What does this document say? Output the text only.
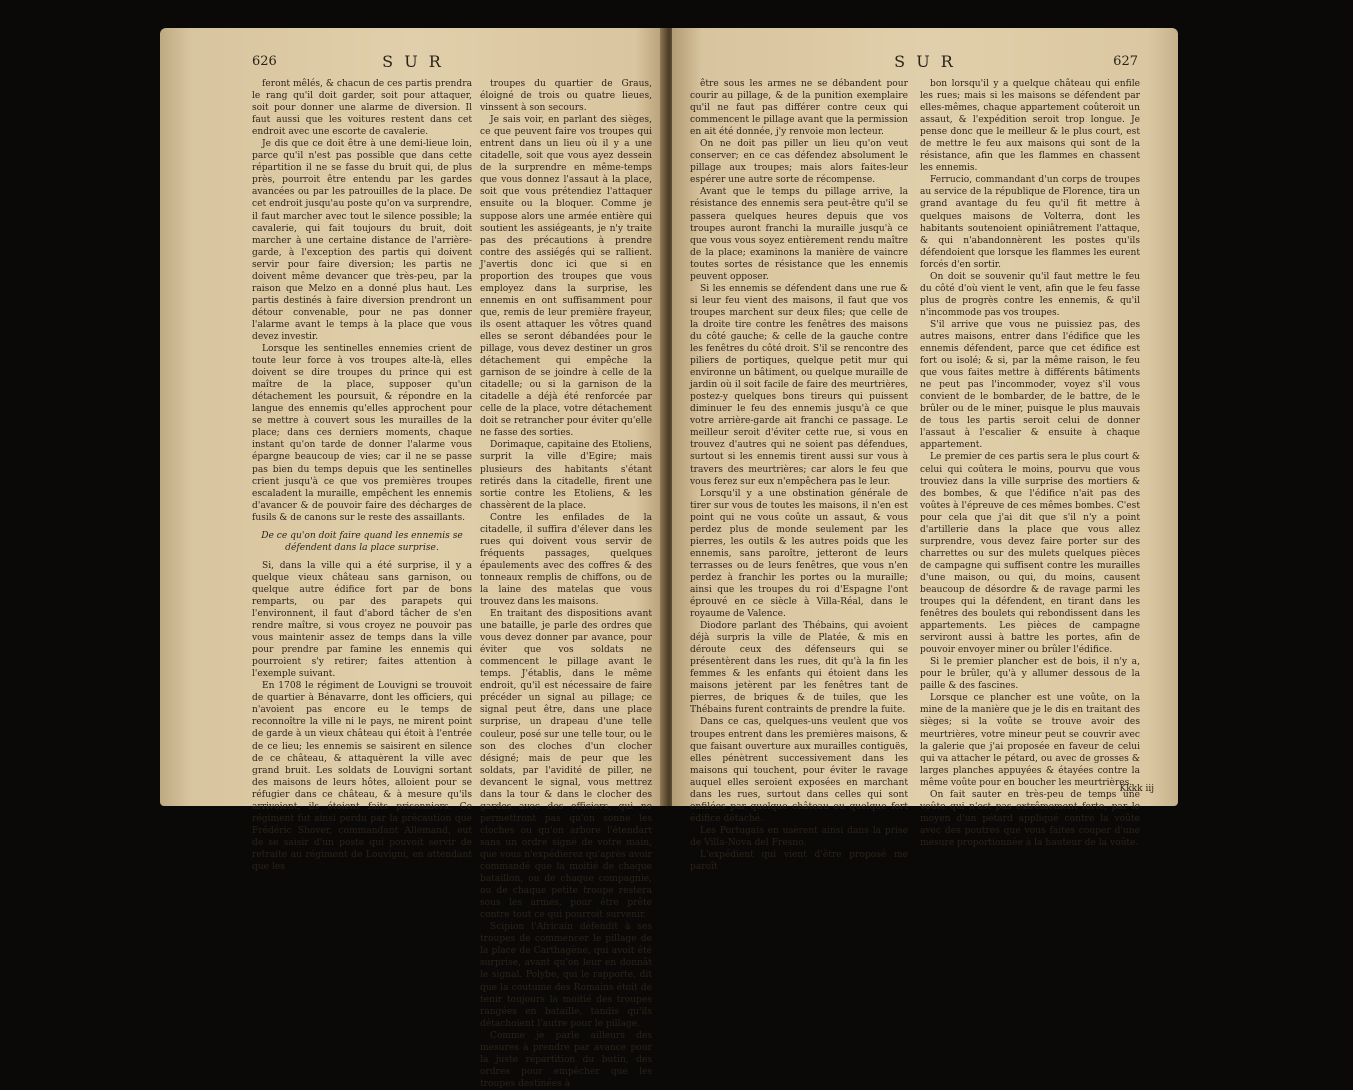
626	S U R

feront mêlés, & chacun de ces partis prendra le rang qu'il doit garder, soit pour attaquer, soit pour donner une alarme de diversion. Il faut aussi que les voitures restent dans cet endroit avec une escorte de cavalerie.

Je dis que ce doit être à une demi-lieue loin, parce qu'il n'est pas possible que dans cette répartition il ne se fasse du bruit qui, de plus près, pourroit être entendu par les gardes avancées ou par les patrouilles de la place. De cet endroit jusqu'au poste qu'on va surprendre, il faut marcher avec tout le silence possible; la cavalerie, qui fait toujours du bruit, doit marcher à une certaine distance de l'arrière-garde, à l'exception des partis qui doivent servir pour faire diversion; les partis ne doivent même devancer que très-peu, par la raison que Melzo en a donné plus haut. Les partis destinés à faire diversion prendront un détour convenable, pour ne pas donner l'alarme avant le temps à la place que vous devez investir.

Lorsque les sentinelles ennemies crient de toute leur force à vos troupes alte-là, elles doivent se dire troupes du prince qui est maître de la place, supposer qu'un détachement les poursuit, & répondre en la langue des ennemis qu'elles approchent pour se mettre à couvert sous les murailles de la place; dans ces derniers moments, chaque instant qu'on tarde de donner l'alarme vous épargne beaucoup de vies; car il ne se passe pas bien du temps depuis que les sentinelles crient jusqu'à ce que vos premières troupes escaladent la muraille, empêchent les ennemis d'avancer & de pouvoir faire des décharges de fusils & de canons sur le reste des assaillants.

De ce qu'on doit faire quand les ennemis se défendent dans la place surprise.

Si, dans la ville qui a été surprise, il y a quelque vieux château sans garnison, ou quelque autre édifice fort par de bons remparts, ou par des parapets qui l'environnent, il faut d'abord tâcher de s'en rendre maître, si vous croyez ne pouvoir pas vous maintenir assez de temps dans la ville pour prendre par famine les ennemis qui pourroient s'y retirer; faites attention à l'exemple suivant.

En 1708 le régiment de Louvigni se trouvoit de quartier à Bénavarre, dont les officiers, qui n'avoient pas encore eu le temps de reconnoître la ville ni le pays, ne mirent point de garde à un vieux château qui étoit à l'entrée de ce lieu; les ennemis se saisirent en silence de ce château, & attaquèrent la ville avec grand bruit. Les soldats de Louvigni sortant des maisons de leurs hôtes, alloient pour se réfugier dans ce château, & à mesure qu'ils arrivoient, ils étoient faits prisonniers. Ce régiment fut ainsi perdu par la précaution que Frédéric Shover, commandant Allemand, eut de se saisir d'un poste qui pouvoit servir de retraite au régiment de Louvigni, en attendant que les

troupes du quartier de Graus, éloigné de trois ou quatre lieues, vinssent à son secours.

Je sais voir, en parlant des sièges, ce que peuvent faire vos troupes qui entrent dans un lieu où il y a une citadelle, soit que vous ayez dessein de la surprendre en même-temps que vous donnez l'assaut à la place, soit que vous prétendiez l'attaquer ensuite ou la bloquer. Comme je suppose alors une armée entière qui soutient les assiégeants, je n'y traite pas des précautions à prendre contre des assiégés qui se rallient. J'avertis donc ici que si en proportion des troupes que vous employez dans la surprise, les ennemis en ont suffisamment pour que, remis de leur première frayeur, ils osent attaquer les vôtres quand elles se seront débandées pour le pillage, vous devez destiner un gros détachement qui empêche la garnison de se joindre à celle de la citadelle; ou si la garnison de la citadelle a déjà été renforcée par celle de la place, votre détachement doit se retrancher pour éviter qu'elle ne fasse des sorties.

Dorimaque, capitaine des Etoliens, surprit la ville d'Egire; mais plusieurs des habitants s'étant retirés dans la citadelle, firent une sortie contre les Etoliens, & les chassèrent de la place.

Contre les enfilades de la citadelle, il suffira d'élever dans les rues qui doivent vous servir de fréquents passages, quelques épaulements avec des coffres & des tonneaux remplis de chiffons, ou de la laine des matelas que vous trouvez dans les maisons.

En traitant des dispositions avant une bataille, je parle des ordres que vous devez donner par avance, pour éviter que vos soldats ne commencent le pillage avant le temps. J'établis, dans le même endroit, qu'il est nécessaire de faire précéder un signal au pillage; ce signal peut être, dans une place surprise, un drapeau d'une telle couleur, posé sur une telle tour, ou le son des cloches d'un clocher désigné; mais de peur que les soldats, par l'avidité de piller, ne devancent le signal, vous mettrez dans la tour & dans le clocher des gardes avec des officiers, qui ne permettront pas qu'on sonne les cloches ou qu'on arbore l'étendart sans un ordre signé de votre main, que vous n'expédierez qu'après avoir commandé que la moitié de chaque bataillon, ou de chaque compagnie, ou de chaque petite troupe restera sous les armes, pour être prête contre tout ce qui pourroit survenir.

Scipion l'Africain défendit à ses troupes de commencer le pillage de la place de Carthagène, qui avoit été surprise, avant qu'on leur en donnât le signal. Polybe, qui le rapporte, dit que la coutume des Romains étoit de tenir toujours la moitié des troupes rangées en bataille, tandis qu'ils détachoient l'autre pour le pillage.

Comme je parle ailleurs des mesures à prendre par avance pour la juste répartition du butin, des ordres pour empêcher que les troupes destinées à

S U R	627

être sous les armes ne se débandent pour courir au pillage, & de la punition exemplaire qu'il ne faut pas différer contre ceux qui commencent le pillage avant que la permission en ait été donnée, j'y renvoie mon lecteur.

On ne doit pas piller un lieu qu'on veut conserver; en ce cas défendez absolument le pillage aux troupes; mais alors faites-leur espérer une autre sorte de récompense.

Avant que le temps du pillage arrive, la résistance des ennemis sera peut-être qu'il se passera quelques heures depuis que vos troupes auront franchi la muraille jusqu'à ce que vous vous soyez entièrement rendu maître de la place; examinons la manière de vaincre toutes sortes de résistance que les ennemis peuvent opposer.

Si les ennemis se défendent dans une rue & si leur feu vient des maisons, il faut que vos troupes marchent sur deux files; que celle de la droite tire contre les fenêtres des maisons du côté gauche; & celle de la gauche contre les fenêtres du côté droit. S'il se rencontre des piliers de portiques, quelque petit mur qui environne un bâtiment, ou quelque muraille de jardin où il soit facile de faire des meurtrières, postez-y quelques bons tireurs qui puissent diminuer le feu des ennemis jusqu'à ce que votre arrière-garde ait franchi ce passage. Le meilleur seroit d'éviter cette rue, si vous en trouvez d'autres qui ne soient pas défendues, surtout si les ennemis tirent aussi sur vous à travers des meurtrières; car alors le feu que vous ferez sur eux n'empêchera pas le leur.

Lorsqu'il y a une obstination générale de tirer sur vous de toutes les maisons, il n'en est point qui ne vous coûte un assaut, & vous perdez plus de monde seulement par les pierres, les outils & les autres poids que les ennemis, sans paroître, jetteront de leurs terrasses ou de leurs fenêtres, que vous n'en perdez à franchir les portes ou la muraille; ainsi que les troupes du roi d'Espagne l'ont éprouvé en ce siècle à Villa-Réal, dans le royaume de Valence.

Diodore parlant des Thébains, qui avoient déjà surpris la ville de Platée, & mis en déroute ceux des défenseurs qui se présentèrent dans les rues, dit qu'à la fin les femmes & les enfants qui étoient dans les maisons jetèrent par les fenêtres tant de pierres, de briques & de tuiles, que les Thébains furent contraints de prendre la fuite.

Dans ce cas, quelques-uns veulent que vos troupes entrent dans les premières maisons, & que faisant ouverture aux murailles contiguës, elles pénètrent successivement dans les maisons qui touchent, pour éviter le ravage auquel elles seroient exposées en marchant dans les rues, surtout dans celles qui sont enfilées par quelque château ou quelque fort édifice détaché.

Les Portugais en usèrent ainsi dans la prise de Villa-Nova del Fresno.

L'expédient qui vient d'être proposé me paroît

bon lorsqu'il y a quelque château qui enfile les rues; mais si les maisons se défendent par elles-mêmes, chaque appartement coûteroit un assaut, & l'expédition seroit trop longue. Je pense donc que le meilleur & le plus court, est de mettre le feu aux maisons qui sont de la résistance, afin que les flammes en chassent les ennemis.

Ferrucio, commandant d'un corps de troupes au service de la république de Florence, tira un grand avantage du feu qu'il fit mettre à quelques maisons de Volterra, dont les habitants soutenoient opiniâtrement l'attaque, & qui n'abandonnèrent les postes qu'ils défendoient que lorsque les flammes les eurent forcés d'en sortir.

On doit se souvenir qu'il faut mettre le feu du côté d'où vient le vent, afin que le feu fasse plus de progrès contre les ennemis, & qu'il n'incommode pas vos troupes.

S'il arrive que vous ne puissiez pas, des autres maisons, entrer dans l'édifice que les ennemis défendent, parce que cet édifice est fort ou isolé; & si, par la même raison, le feu que vous faites mettre à différents bâtiments ne peut pas l'incommoder, voyez s'il vous convient de le bombarder, de le battre, de le brûler ou de le miner, puisque le plus mauvais de tous les partis seroit celui de donner l'assaut à l'escalier & ensuite à chaque appartement.

Le premier de ces partis sera le plus court & celui qui coûtera le moins, pourvu que vous trouviez dans la ville surprise des mortiers & des bombes, & que l'édifice n'ait pas des voûtes à l'épreuve de ces mêmes bombes. C'est pour cela que j'ai dit que s'il n'y a point d'artillerie dans la place que vous allez surprendre, vous devez faire porter sur des charrettes ou sur des mulets quelques pièces de campagne qui suffisent contre les murailles d'une maison, ou qui, du moins, causent beaucoup de désordre & de ravage parmi les troupes qui la défendent, en tirant dans les fenêtres des boulets qui rebondissent dans les appartements. Les pièces de campagne serviront aussi à battre les portes, afin de pouvoir envoyer miner ou brûler l'édifice.

Si le premier plancher est de bois, il n'y a, pour le brûler, qu'à y allumer dessous de la paille & des fascines.

Lorsque ce plancher est une voûte, on la mine de la manière que je le dis en traitant des sièges; si la voûte se trouve avoir des meurtrières, votre mineur peut se couvrir avec la galerie que j'ai proposée en faveur de celui qui va attacher le pétard, ou avec de grosses & larges planches appuyées & étayées contre la même voûte pour en boucher les meurtrières.

On fait sauter en très-peu de temps une voûte qui n'est pas extrêmement forte, par le moyen d'un pétard appliqué contre la voûte avec des poutres que vous faites couper d'une mesure proportionnée à la hauteur de la voûte.

Kkkk iij
